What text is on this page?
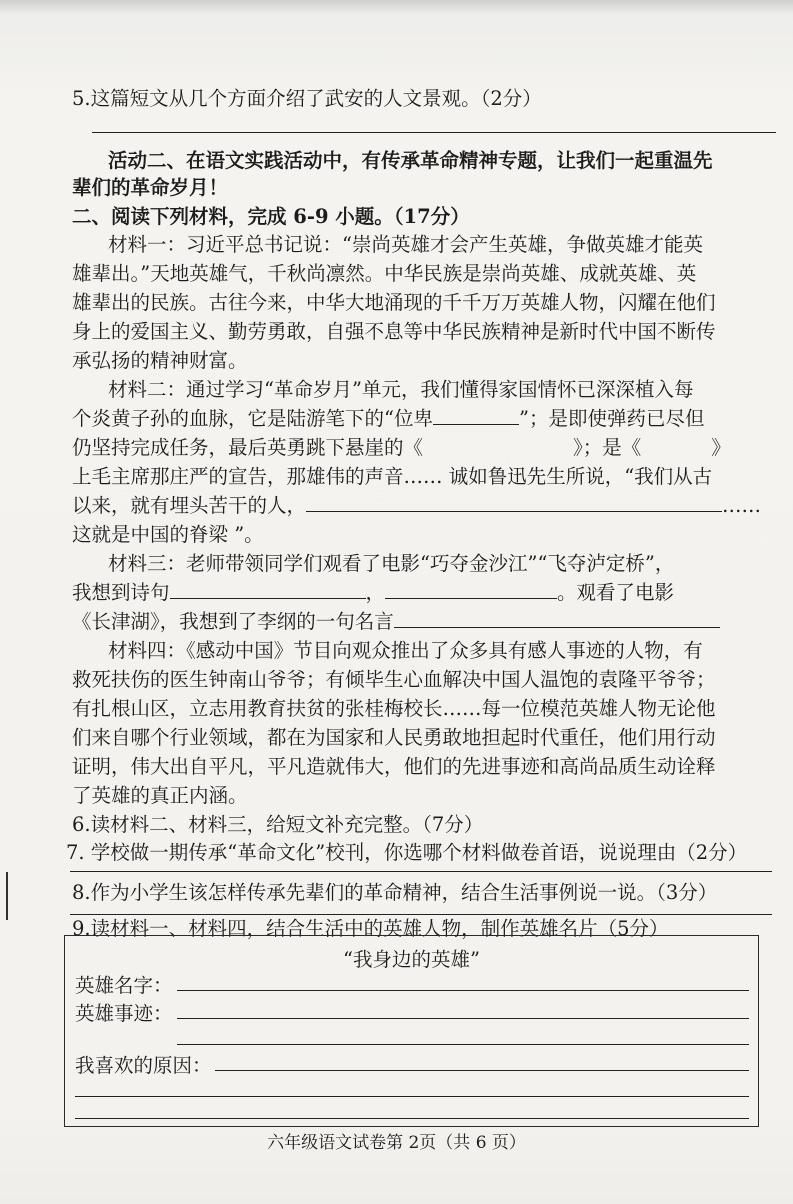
5.这篇短文从几个方面介绍了武安的人文景观。（2分）
活动二、在语文实践活动中，有传承革命精神专题，让我们一起重温先
辈们的革命岁月！
二、阅读下列材料，完成 6-9 小题。（17分）
材料一：习近平总书记说：“崇尚英雄才会产生英雄，争做英雄才能英
雄辈出。”天地英雄气，千秋尚凛然。中华民族是崇尚英雄、成就英雄、英
雄辈出的民族。古往今来，中华大地涌现的千千万万英雄人物，闪耀在他们
身上的爱国主义、勤劳勇敢，自强不息等中华民族精神是新时代中国不断传
承弘扬的精神财富。
材料二：通过学习“革命岁月”单元，我们懂得家国情怀已深深植入每
个炎黄子孙的血脉，它是陆游笔下的“位卑	”；是即使弹药已尽但
仍坚持完成任务，最后英勇跳下悬崖的《	》；是《	》
上毛主席那庄严的宣告，那雄伟的声音…… 诚如鲁迅先生所说，“我们从古
以来，就有埋头苦干的人，	……
这就是中国的脊梁 ”。
材料三：老师带领同学们观看了电影“巧夺金沙江”“飞夺泸定桥”，
我想到诗句	，	。观看了电影
《长津湖》，我想到了李纲的一句名言
材料四：《感动中国》节目向观众推出了众多具有感人事迹的人物，有
救死扶伤的医生钟南山爷爷；有倾毕生心血解决中国人温饱的袁隆平爷爷；
有扎根山区，立志用教育扶贫的张桂梅校长……每一位模范英雄人物无论他
们来自哪个行业领域，都在为国家和人民勇敢地担起时代重任，他们用行动
证明，伟大出自平凡，平凡造就伟大，他们的先进事迹和高尚品质生动诠释
了英雄的真正内涵。
6.读材料二、材料三，给短文补充完整。（7分）
7. 学校做一期传承“革命文化”校刊，你选哪个材料做卷首语，说说理由（2分）
8.作为小学生该怎样传承先辈们的革命精神，结合生活事例说一说。（3分）
9.读材料一、材料四，结合生活中的英雄人物，制作英雄名片（5分）
“我身边的英雄”
英雄名字：
英雄事迹：
我喜欢的原因：
六年级语文试卷第 2页（共 6 页）
